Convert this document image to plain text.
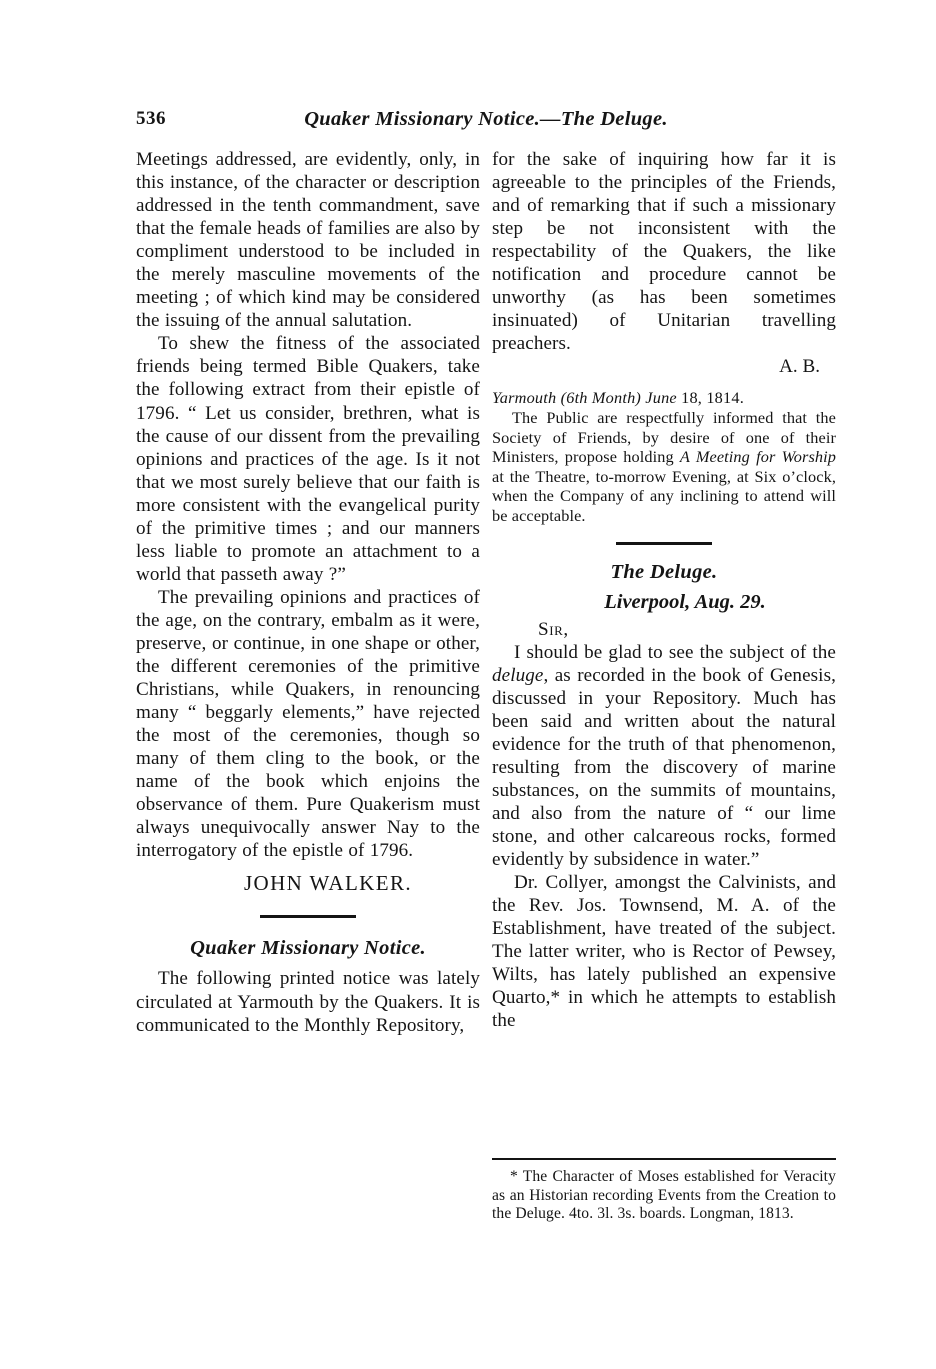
536	Quaker Missionary Notice.—The Deluge.

Meetings addressed, are evidently, only, in this instance, of the character or description addressed in the tenth commandment, save that the female heads of families are also by compliment understood to be included in the merely masculine movements of the meeting ; of which kind may be considered the issuing of the annual salutation.

To shew the fitness of the associated friends being termed Bible Quakers, take the following extract from their epistle of 1796. “ Let us consider, brethren, what is the cause of our dissent from the prevailing opinions and practices of the age. Is it not that we most surely believe that our faith is more consistent with the evangelical purity of the primitive times ; and our manners less liable to promote an attachment to a world that passeth away ?”

The prevailing opinions and practices of the age, on the contrary, embalm as it were, preserve, or continue, in one shape or other, the different ceremonies of the primitive Christians, while Quakers, in renouncing many “ beggarly elements,” have rejected the most of the ceremonies, though so many of them cling to the book, or the name of the book which enjoins the observance of them. Pure Quakerism must always unequivocally answer Nay to the interrogatory of the epistle of 1796.

JOHN WALKER.

Quaker Missionary Notice.

The following printed notice was lately circulated at Yarmouth by the Quakers. It is communicated to the Monthly Repository,

for the sake of inquiring how far it is agreeable to the principles of the Friends, and of remarking that if such a missionary step be not inconsistent with the respectability of the Quakers, the like notification and procedure cannot be unworthy (as has been sometimes insinuated) of Unitarian travelling preachers.

A. B.

Yarmouth (6th Month) June 18, 1814.

The Public are respectfully informed that the Society of Friends, by desire of one of their Ministers, propose holding A Meeting for Worship at the Theatre, to-morrow Evening, at Six o’clock, when the Company of any inclining to attend will be acceptable.

The Deluge.

Liverpool, Aug. 29.

Sir,

I should be glad to see the subject of the deluge, as recorded in the book of Genesis, discussed in your Repository. Much has been said and written about the natural evidence for the truth of that phenomenon, resulting from the discovery of marine substances, on the summits of mountains, and also from the nature of “ our lime stone, and other calcareous rocks, formed evidently by subsidence in water.”

Dr. Collyer, amongst the Calvinists, and the Rev. Jos. Townsend, M. A. of the Establishment, have treated of the subject. The latter writer, who is Rector of Pewsey, Wilts, has lately published an expensive Quarto,* in which he attempts to establish the

* The Character of Moses established for Veracity as an Historian recording Events from the Creation to the Deluge. 4to. 3l. 3s. boards. Longman, 1813.
